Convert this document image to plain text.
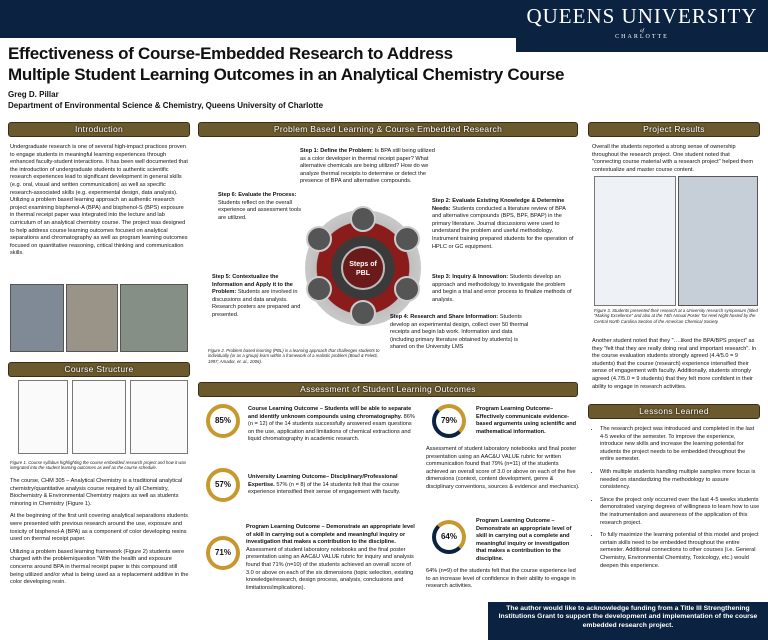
QUEENS UNIVERSITY
of
CHARLOTTE
Effectiveness of Course-Embedded Research to Address
Multiple Student Learning Outcomes in an Analytical Chemistry Course
Greg D. Pillar
Department of Environmental Science & Chemistry, Queens University of Charlotte
Introduction
Undergraduate research is one of several high-impact practices proven to engage students in meaningful learning experiences through enhanced faculty-student interactions. It has been well documented that the introduction of undergraduate students to authentic scientific research experiences lead to significant development in general skills (e.g. oral, visual and written communication) as well as specific research-associated skills (e.g. experimental design, data analysis). Utilizing a problem based learning approach an authentic research project examining bisphenol-A (BPA) and bisphenol-S (BPS) exposure in thermal receipt paper was integrated into the lecture and lab curriculum of an analytical chemistry course. The project was designed to help address course learning outcomes focused on analytical separations and chromatography as well as program learning outcomes focused on quantitative reasoning, critical thinking and communication skills.
Course Structure
Figure 1. Course syllabus highlighting the course embedded research project and how it was integrated into the student learning outcomes as well as the course schedule.

The course, CHM 305 – Analytical Chemistry is a traditional analytical chemistry/quantitative analysis course required by all Chemistry, Biochemistry & Environmental Chemistry majors as well as students minoring in Chemistry (Figure 1).

At the beginning of the first unit covering analytical separations students were presented with previous research around the use, exposure and toxicity of bisphenol-A (BPA) as a component of color developing resins used on thermal receipt paper.

Utilizing a problem based learning framework (Figure 2) students were charged with the problem/question "With the health and exposure concerns around BPA in thermal receipt paper is this compound still being utilized and/or what is being used as a replacement additive in the color developing resin.

Problem Based Learning & Course Embedded Research
Steps of PBL
Step 1: Define the Problem: Is BPA still being utilized as a color developer in thermal receipt paper? What alternative chemicals are being utilized? How do we analyze thermal receipts to determine or detect the presence of BPA and alternative compounds.
Step 6: Evaluate the Process: Students reflect on the overall experience and assessment tools are utilized.
Step 2: Evaluate Existing Knowledge & Determine Needs: Students conducted a literature review of BPA and alternative compounds (BPS, BPF, BPAP) in the primary literature. Journal discussions were used to understand the problem and useful methodology. Instrument training prepared students for the operation of HPLC or GC equipment.
Step 5: Contextualize the Information and Apply it to the Problem: Students are involved in discussions and data analysis. Research posters are prepared and presented.
Step 3: Inquiry & Innovation: Students develop an approach and methodology to investigate the problem and begin a trial and error process to finalize methods of analysis.
Step 4: Research and Share Information: Students develop an experimental design, collect over 50 thermal receipts and begin lab work. Information and data (including primary literature obtained by students) is shared on the University LMS
Figure 2. Problem based learning (PBL) is a learning approach that challenges students to individually (or as a group) learn within a framework of a realistic problem (Boud & Feletti, 1997; Amador, et. al., 2006).
Assessment of Student Learning Outcomes
85%
Course Learning Outcome – Students will be able to separate and identify unknown compounds using chromatography. 86% (n = 12) of the 14 students successfully answered exam questions on the use, application and limitations of chemical extractions and liquid chromatography in academic research.
57%
University Learning Outcome– Disciplinary/Professional Expertise. 57% (n = 8) of the 14 students felt that the course experience intensified their sense of engagement with faculty.
71%
Program Learning Outcome – Demonstrate an appropriate level of skill in carrying out a complete and meaningful inquiry or investigation that makes a contribution to the discipline. Assessment of student laboratory notebooks and the final poster presentation using an AAC&U VALUE rubric for inquiry and analysis found that 71% (n=10) of the students achieved an overall score of 3.0 or above on each of the six dimensions (topic selection, existing knowledge/research, design process, analysis, conclusions and limitations/implications).
79%
Program Learning Outcome– Effectively communicate evidence-based arguments using scientific and mathematical information.
Assessment of student laboratory notebooks and final poster presentation using an AAC&U VALUE rubric for written communication found that 79% (n=11) of the students achieved an overall score of 3.0 or above on each of the five dimensions (context, content development, genre & disciplinary conventions, sources & evidence and mechanics).
64%
Program Learning Outcome – Demonstrate an appropriate level of skill in carrying out a complete and meaningful inquiry or investigation that makes a contribution to the discipline.
64% (n=9) of the students felt that the course experience led to an increase level of confidence in their ability to engage in research activities.
Project Results
Overall the students reported a strong sense of ownership throughout the research project. One student noted that "connecting course material with a research project" helped them contextualize and master course content.
Figure 3. Students presented their research at a University research symposium (titled "Making Excellence" and also at the 74th Annual Poster Tar Heel Night hosted by the Central North Carolina Section of the American Chemical Society.
Another student noted that they "….liked the BPA/BPS project" as they "felt that they are really doing real and important research". In the course evaluation students strongly agreed (4.4/5.0 = 9 students) that the course (research) experience intensified their sense of engagement with faculty. Additionally, students strongly agreed (4.7/5.0 = 9 students) that they felt more confident in their ability to engage in research activities.
Lessons Learned
• The research project was introduced and completed in the last 4-5 weeks of the semester. To improve the experience, introduce new skills and increase the learning potential for students the project needs to be embedded throughout the entire semester.
• With multiple students handling multiple samples more focus is needed on standardizing the methodology to assure consistency.
• Since the project only occurred over the last 4-5 weeks students demonstrated varying degrees of willingness to learn how to use the instrumentation and awareness of the application of this research project.
• To fully maximize the learning potential of this model and project certain skills need to be embedded throughout the entire semester. Additional connections to other courses (i.e. General Chemistry, Environmental Chemistry, Toxicology, etc.) would deepen this experience.
The author would like to acknowledge funding from a Title III Strengthening Institutions Grant to support the development and implementation of the course embedded research project.
